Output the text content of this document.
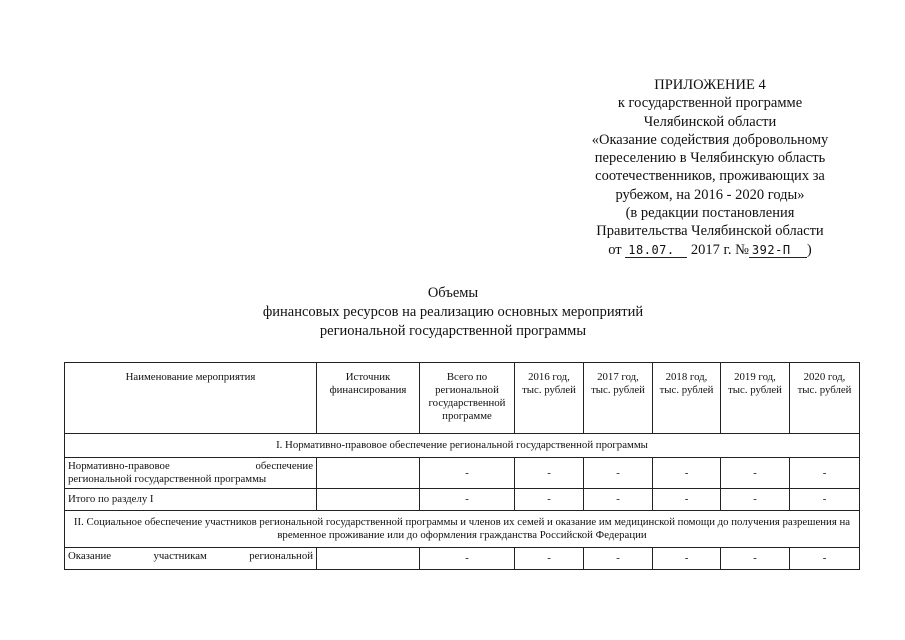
ПРИЛОЖЕНИЕ 4
к государственной программе
Челябинской области
«Оказание содействия добровольному
переселению в Челябинскую область
соотечественников, проживающих за
рубежом, на 2016 - 2020 годы»
(в редакции постановления
Правительства Челябинской области
от 18.07. 2017 г. № 392-П )
Объемы
финансовых ресурсов на реализацию основных мероприятий
региональной государственной программы
Наименование мероприятия	Источник финансирования	Всего по региональной государственной программе	2016 год, тыс. рублей	2017 год, тыс. рублей	2018 год, тыс. рублей	2019 год, тыс. рублей	2020 год, тыс. рублей
I. Нормативно-правовое обеспечение региональной государственной программы							

Нормативно-правовое обеспечение
региональной государственной программы		-	-	-	-	-	-
Итого по разделу I		-	-	-	-	-	-
II. Социальное обеспечение участников региональной государственной программы и членов их семей и оказание им медицинской помощи до получения разрешения на временное проживание или до оформления гражданства Российской Федерации							

Оказание участникам региональной		-	-	-	-	-	-
